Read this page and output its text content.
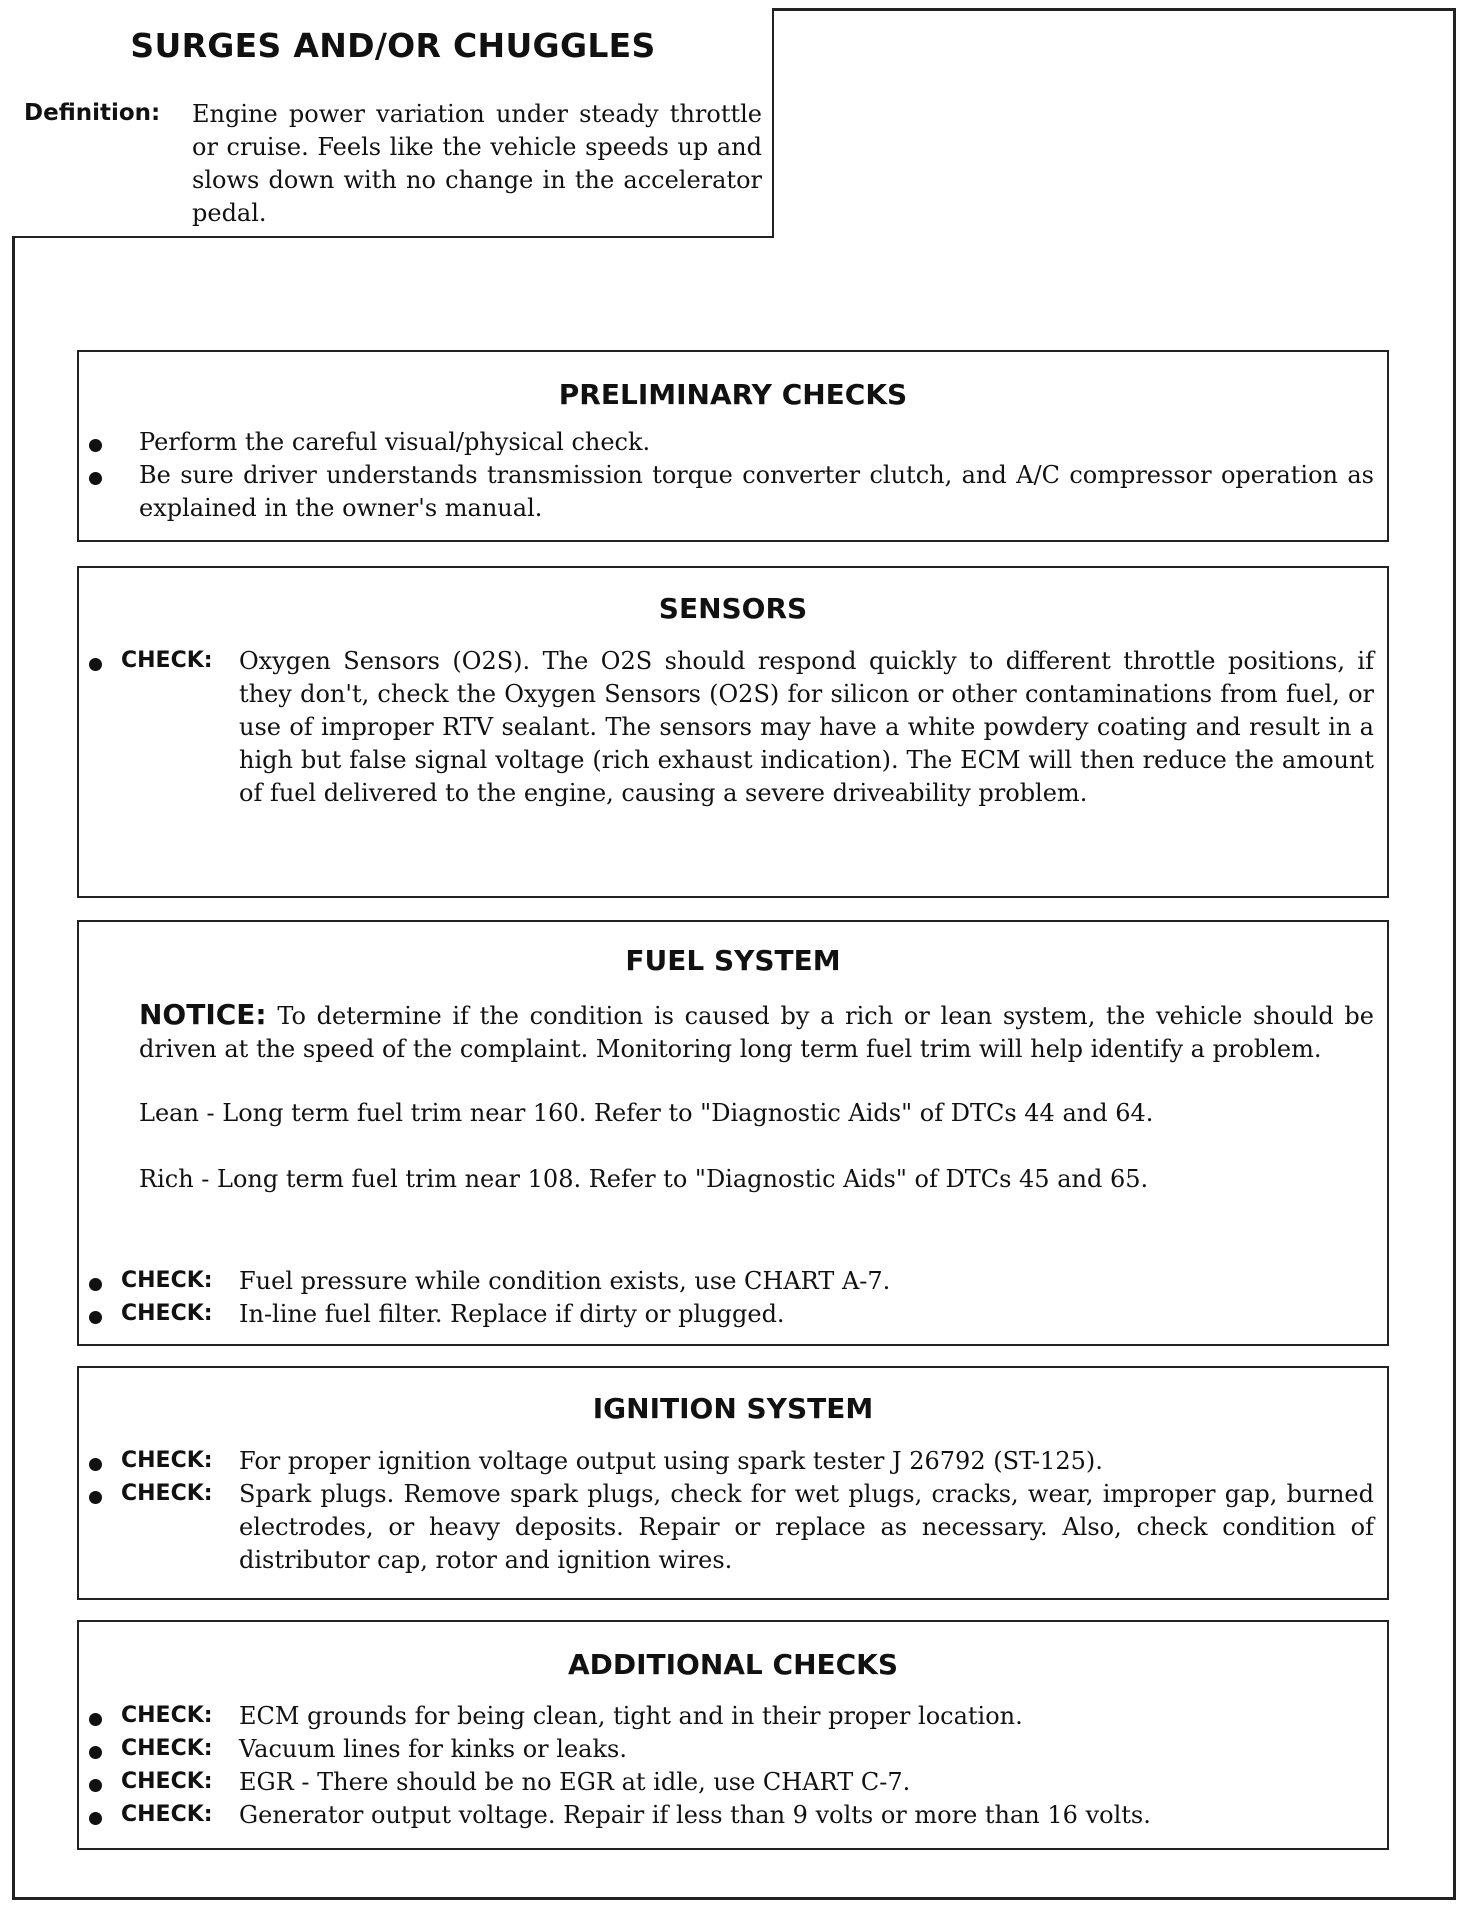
SURGES AND/OR CHUGGLES
Definition: Engine power variation under steady throttle or cruise. Feels like the vehicle speeds up and slows down with no change in the accelerator pedal.
PRELIMINARY CHECKS
Perform the careful visual/physical check.
Be sure driver understands transmission torque converter clutch, and A/C compressor operation as explained in the owner's manual.
SENSORS
CHECK: Oxygen Sensors (O2S). The O2S should respond quickly to different throttle positions, if they don't, check the Oxygen Sensors (O2S) for silicon or other contaminations from fuel, or use of improper RTV sealant. The sensors may have a white powdery coating and result in a high but false signal voltage (rich exhaust indication). The ECM will then reduce the amount of fuel delivered to the engine, causing a severe driveability problem.
FUEL SYSTEM
NOTICE: To determine if the condition is caused by a rich or lean system, the vehicle should be driven at the speed of the complaint. Monitoring long term fuel trim will help identify a problem.
Lean - Long term fuel trim near 160. Refer to "Diagnostic Aids" of DTCs 44 and 64.
Rich - Long term fuel trim near 108. Refer to "Diagnostic Aids" of DTCs 45 and 65.
CHECK: Fuel pressure while condition exists, use CHART A-7.
CHECK: In-line fuel filter. Replace if dirty or plugged.
IGNITION SYSTEM
CHECK: For proper ignition voltage output using spark tester J 26792 (ST-125).
CHECK: Spark plugs. Remove spark plugs, check for wet plugs, cracks, wear, improper gap, burned electrodes, or heavy deposits. Repair or replace as necessary. Also, check condition of distributor cap, rotor and ignition wires.
ADDITIONAL CHECKS
CHECK: ECM grounds for being clean, tight and in their proper location.
CHECK: Vacuum lines for kinks or leaks.
CHECK: EGR - There should be no EGR at idle, use CHART C-7.
CHECK: Generator output voltage. Repair if less than 9 volts or more than 16 volts.
